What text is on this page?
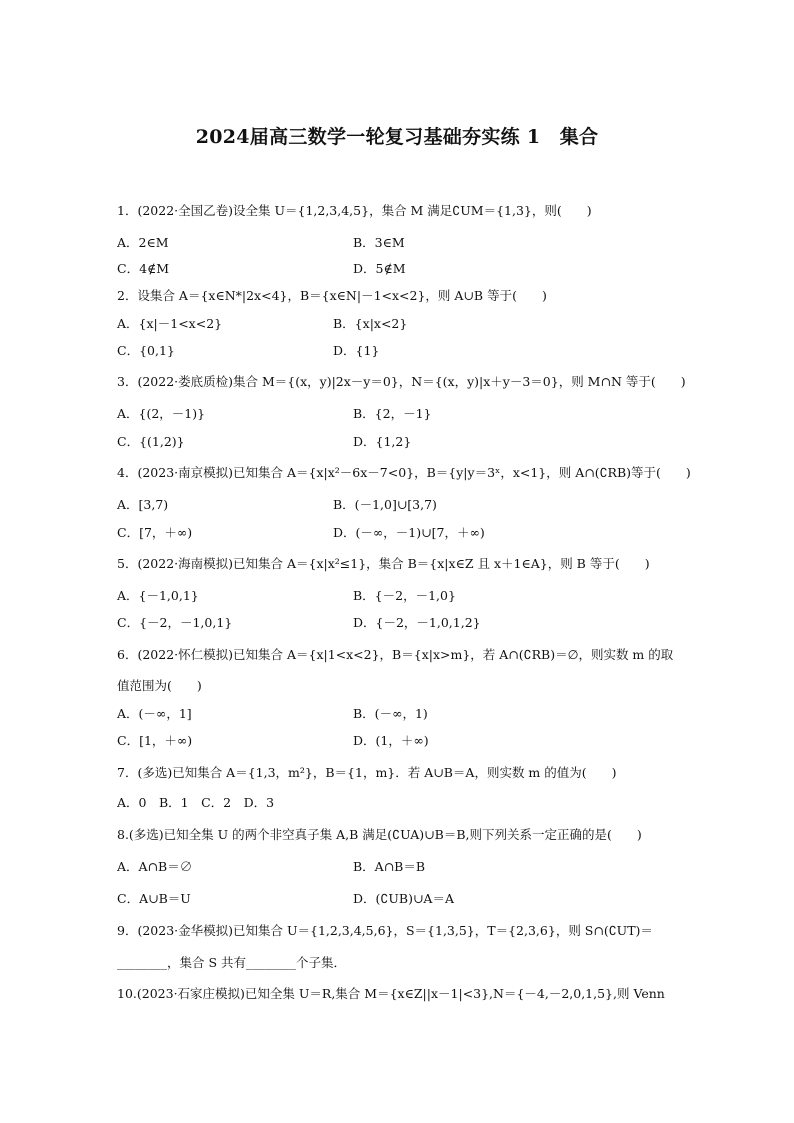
2024届高三数学一轮复习基础夯实练 1　集合
1．(2022·全国乙卷)设全集 U＝{1,2,3,4,5}，集合 M 满足∁UM＝{1,3}，则(　　)
A．2∈M	B．3∈M
C．4∉M	D．5∉M
2．设集合 A＝{x∈N*|2x<4}，B＝{x∈N|－1<x<2}，则 A∪B 等于(　　)
A．{x|－1<x<2}	B．{x|x<2}
C．{0,1}	D．{1}
3．(2022·娄底质检)集合 M＝{(x，y)|2x－y＝0}，N＝{(x，y)|x＋y－3＝0}，则 M∩N 等于(　　)
A．{(2，－1)}	B．{2，－1}
C．{(1,2)}	D．{1,2}
4．(2023·南京模拟)已知集合 A＝{x|x²－6x－7<0}，B＝{y|y＝3ˣ，x<1}，则 A∩(∁RB)等于(　　)
A．[3,7)	B．(－1,0]∪[3,7)
C．[7，＋∞)	D．(－∞，－1)∪[7，＋∞)
5．(2022·海南模拟)已知集合 A＝{x|x²≤1}，集合 B＝{x|x∈Z 且 x＋1∈A}，则 B 等于(　　)
A．{－1,0,1}	B．{－2，－1,0}
C．{－2，－1,0,1}	D．{－2，－1,0,1,2}
6．(2022·怀仁模拟)已知集合 A＝{x|1<x<2}，B＝{x|x>m}，若 A∩(∁RB)＝∅，则实数 m 的取
值范围为(　　)
A．(－∞，1]	B．(－∞，1)
C．[1，＋∞)	D．(1，＋∞)
7．(多选)已知集合 A＝{1,3，m²}，B＝{1，m}．若 A∪B＝A，则实数 m 的值为(　　)
A．0　B．1　C．2　D．3
8.(多选)已知全集 U 的两个非空真子集 A,B 满足(∁UA)∪B＝B,则下列关系一定正确的是(　　)
A．A∩B＝∅	B．A∩B＝B
C．A∪B＝U	D．(∁UB)∪A＝A
9．(2023·金华模拟)已知集合 U＝{1,2,3,4,5,6}，S＝{1,3,5}，T＝{2,3,6}，则 S∩(∁UT)＝
________，集合 S 共有________个子集．
10.(2023·石家庄模拟)已知全集 U＝R,集合 M＝{x∈Z||x－1|<3},N＝{－4,－2,0,1,5},则 Venn
